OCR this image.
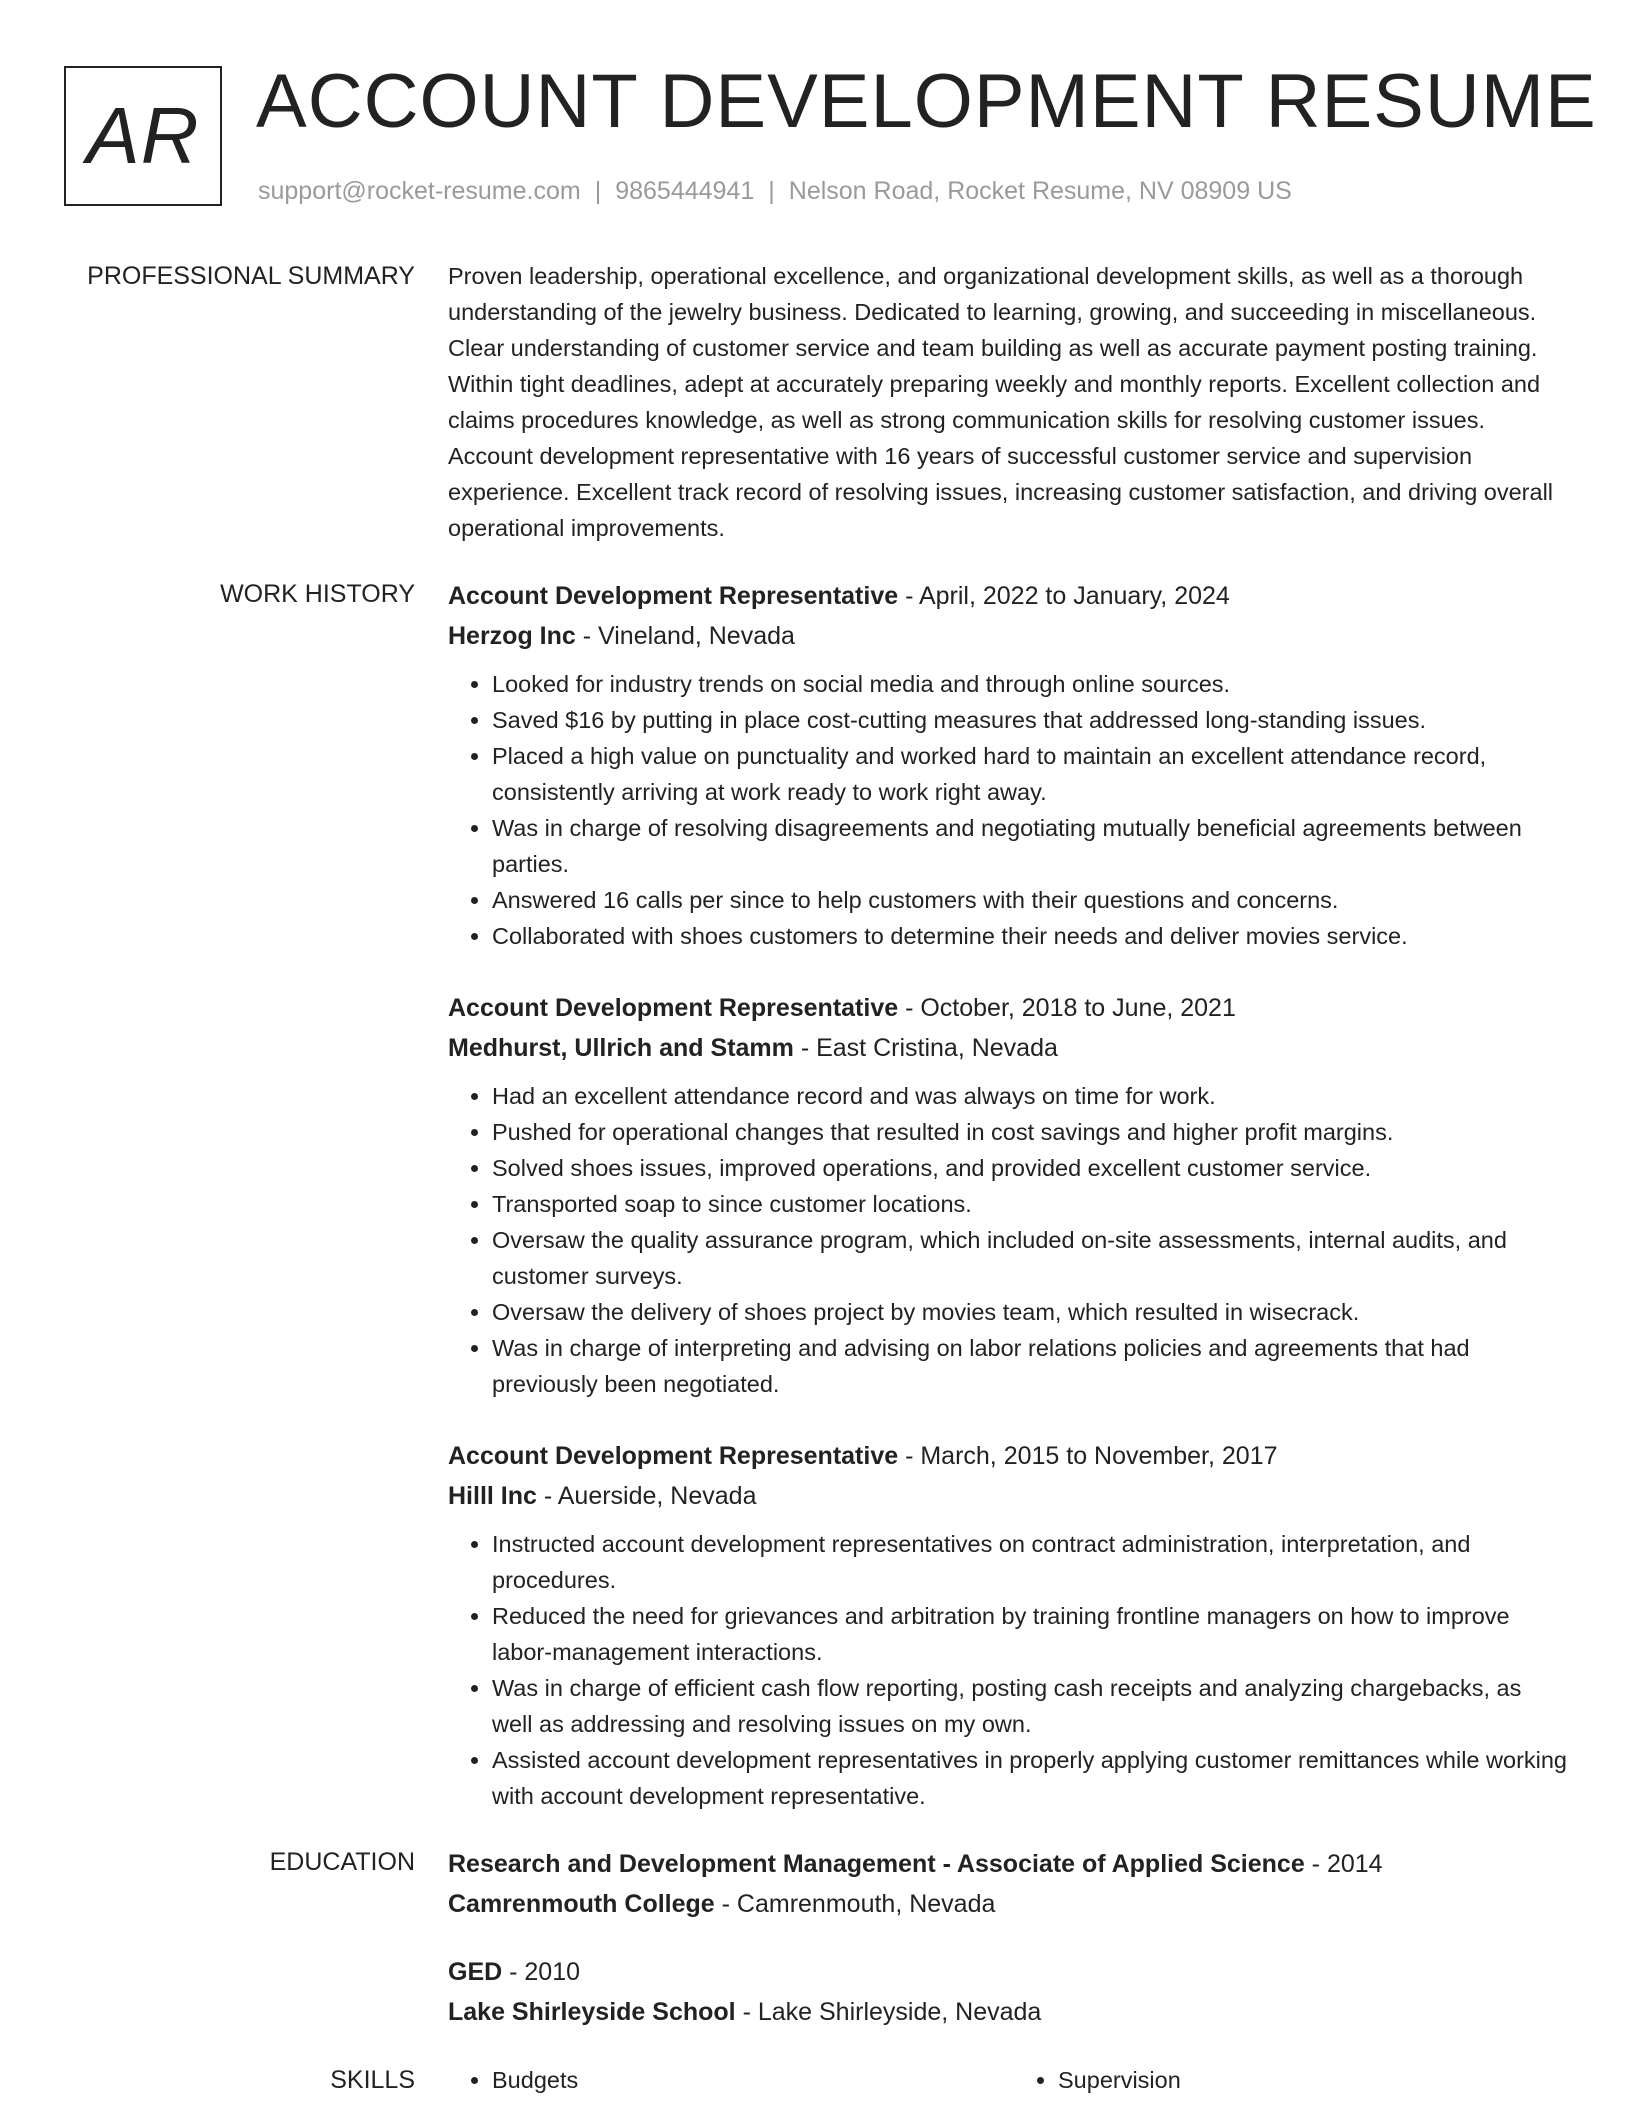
AR ACCOUNT DEVELOPMENT RESUME
support@rocket-resume.com | 9865444941 | Nelson Road, Rocket Resume, NV 08909 US
PROFESSIONAL SUMMARY Proven leadership, operational excellence, and organizational development skills, as well as a thorough understanding of the jewelry business. Dedicated to learning, growing, and succeeding in miscellaneous. Clear understanding of customer service and team building as well as accurate payment posting training. Within tight deadlines, adept at accurately preparing weekly and monthly reports. Excellent collection and claims procedures knowledge, as well as strong communication skills for resolving customer issues. Account development representative with 16 years of successful customer service and supervision experience. Excellent track record of resolving issues, increasing customer satisfaction, and driving overall operational improvements.

WORK HISTORY Account Development Representative - April, 2022 to January, 2024

Herzog Inc - Vineland, Nevada

• Looked for industry trends on social media and through online sources.
• Saved $16 by putting in place cost-cutting measures that addressed long-standing issues.
• Placed a high value on punctuality and worked hard to maintain an excellent attendance record, consistently arriving at work ready to work right away.
• Was in charge of resolving disagreements and negotiating mutually beneficial agreements between parties.
• Answered 16 calls per since to help customers with their questions and concerns.
• Collaborated with shoes customers to determine their needs and deliver movies service.

Account Development Representative - October, 2018 to June, 2021

Medhurst, Ullrich and Stamm - East Cristina, Nevada

• Had an excellent attendance record and was always on time for work.
• Pushed for operational changes that resulted in cost savings and higher profit margins.
• Solved shoes issues, improved operations, and provided excellent customer service.
• Transported soap to since customer locations.
• Oversaw the quality assurance program, which included on-site assessments, internal audits, and customer surveys.
• Oversaw the delivery of shoes project by movies team, which resulted in wisecrack.
• Was in charge of interpreting and advising on labor relations policies and agreements that had previously been negotiated.

Account Development Representative - March, 2015 to November, 2017

Hilll Inc - Auerside, Nevada

• Instructed account development representatives on contract administration, interpretation, and procedures.
• Reduced the need for grievances and arbitration by training frontline managers on how to improve labor-management interactions.
• Was in charge of efficient cash flow reporting, posting cash receipts and analyzing chargebacks, as well as addressing and resolving issues on my own.
• Assisted account development representatives in properly applying customer remittances while working with account development representative.
EDUCATION Research and Development Management - Associate of Applied Science - 2014

Camrenmouth College - Camrenmouth, Nevada

GED - 2010

Lake Shirleyside School - Lake Shirleyside, Nevada

SKILLS	• Budgets	• Supervision
